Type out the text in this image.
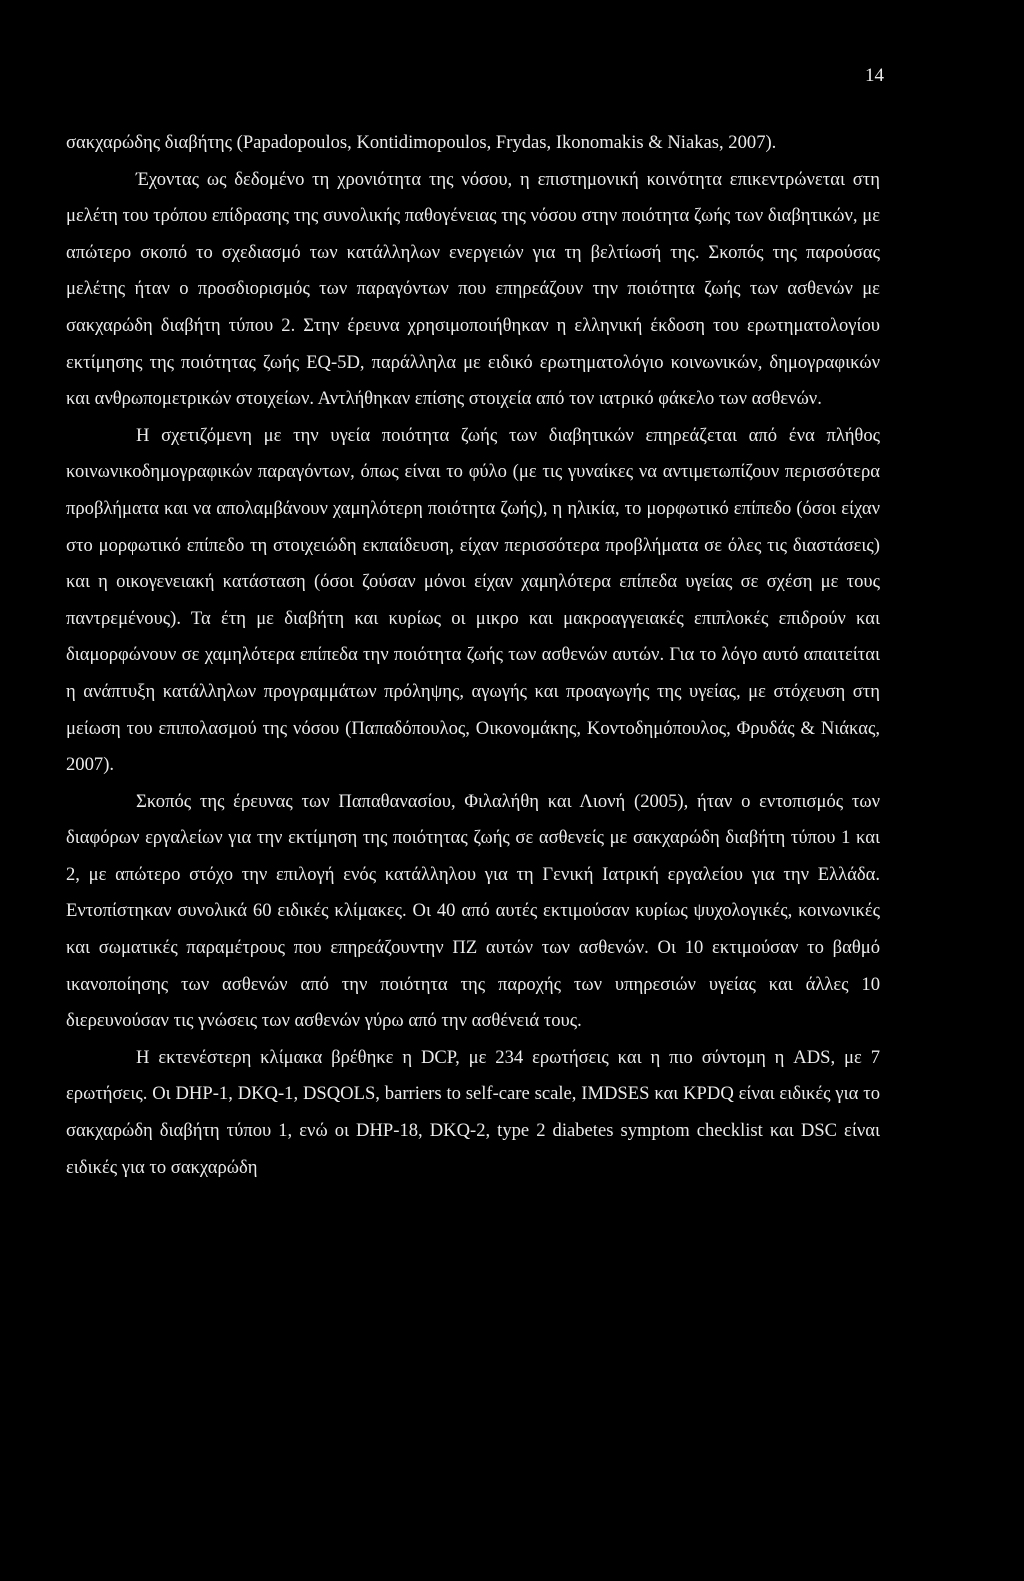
14

σακχαρώδης διαβήτης (Papadopoulos, Kontidimopoulos, Frydas, Ikonomakis & Niakas, 2007).

Έχοντας ως δεδομένο τη χρονιότητα της νόσου, η επιστημονική κοινότητα επικεντρώνεται στη μελέτη του τρόπου επίδρασης της συνολικής παθογένειας της νόσου στην ποιότητα ζωής των διαβητικών, με απώτερο σκοπό το σχεδιασμό των κατάλληλων ενεργειών για τη βελτίωσή της. Σκοπός της παρούσας μελέτης ήταν ο προσδιορισμός των παραγόντων που επηρεάζουν την ποιότητα ζωής των ασθενών με σακχαρώδη διαβήτη τύπου 2. Στην έρευνα χρησιμοποιήθηκαν η ελληνική έκδοση του ερωτηματολογίου εκτίμησης της ποιότητας ζωής EQ-5D, παράλληλα με ειδικό ερωτηματολόγιο κοινωνικών, δημογραφικών και ανθρωπομετρικών στοιχείων. Αντλήθηκαν επίσης στοιχεία από τον ιατρικό φάκελο των ασθενών.

Η σχετιζόμενη με την υγεία ποιότητα ζωής των διαβητικών επηρεάζεται από ένα πλήθος κοινωνικοδημογραφικών παραγόντων, όπως είναι το φύλο (με τις γυναίκες να αντιμετωπίζουν περισσότερα προβλήματα και να απολαμβάνουν χαμηλότερη ποιότητα ζωής), η ηλικία, το μορφωτικό επίπεδο (όσοι είχαν στο μορφωτικό επίπεδο τη στοιχειώδη εκπαίδευση, είχαν περισσότερα προβλήματα σε όλες τις διαστάσεις) και η οικογενειακή κατάσταση (όσοι ζούσαν μόνοι είχαν χαμηλότερα επίπεδα υγείας σε σχέση με τους παντρεμένους). Τα έτη με διαβήτη και κυρίως οι μικρο και μακροαγγειακές επιπλοκές επιδρούν και διαμορφώνουν σε χαμηλότερα επίπεδα την ποιότητα ζωής των ασθενών αυτών. Για το λόγο αυτό απαιτείται η ανάπτυξη κατάλληλων προγραμμάτων πρόληψης, αγωγής και προαγωγής της υγείας, με στόχευση στη μείωση του επιπολασμού της νόσου (Παπαδόπουλος, Οικονομάκης, Κοντοδημόπουλος, Φρυδάς & Νιάκας, 2007).

Σκοπός της έρευνας των Παπαθανασίου, Φιλαλήθη και Λιονή (2005), ήταν ο εντοπισμός των διαφόρων εργαλείων για την εκτίμηση της ποιότητας ζωής σε ασθενείς με σακχαρώδη διαβήτη τύπου 1 και 2, με απώτερο στόχο την επιλογή ενός κατάλληλου για τη Γενική Ιατρική εργαλείου για την Ελλάδα. Εντοπίστηκαν συνολικά 60 ειδικές κλίμακες. Οι 40 από αυτές εκτιμούσαν κυρίως ψυχολογικές, κοινωνικές και σωματικές παραμέτρους που επηρεάζουντην ΠΖ αυτών των ασθενών. Οι 10 εκτιμούσαν το βαθμό ικανοποίησης των ασθενών από την ποιότητα της παροχής των υπηρεσιών υγείας και άλλες 10 διερευνούσαν τις γνώσεις των ασθενών γύρω από την ασθένειά τους.

Η εκτενέστερη κλίμακα βρέθηκε η DCP, με 234 ερωτήσεις και η πιο σύντομη η ADS, με 7 ερωτήσεις. Οι DHP-1, DKQ-1, DSQOLS, barriers to self-care scale, IMDSES και KPDQ είναι ειδικές για το σακχαρώδη διαβήτη τύπου 1, ενώ οι DHP-18, DKQ-2, type 2 diabetes symptom checklist και DSC είναι ειδικές για το σακχαρώδη
